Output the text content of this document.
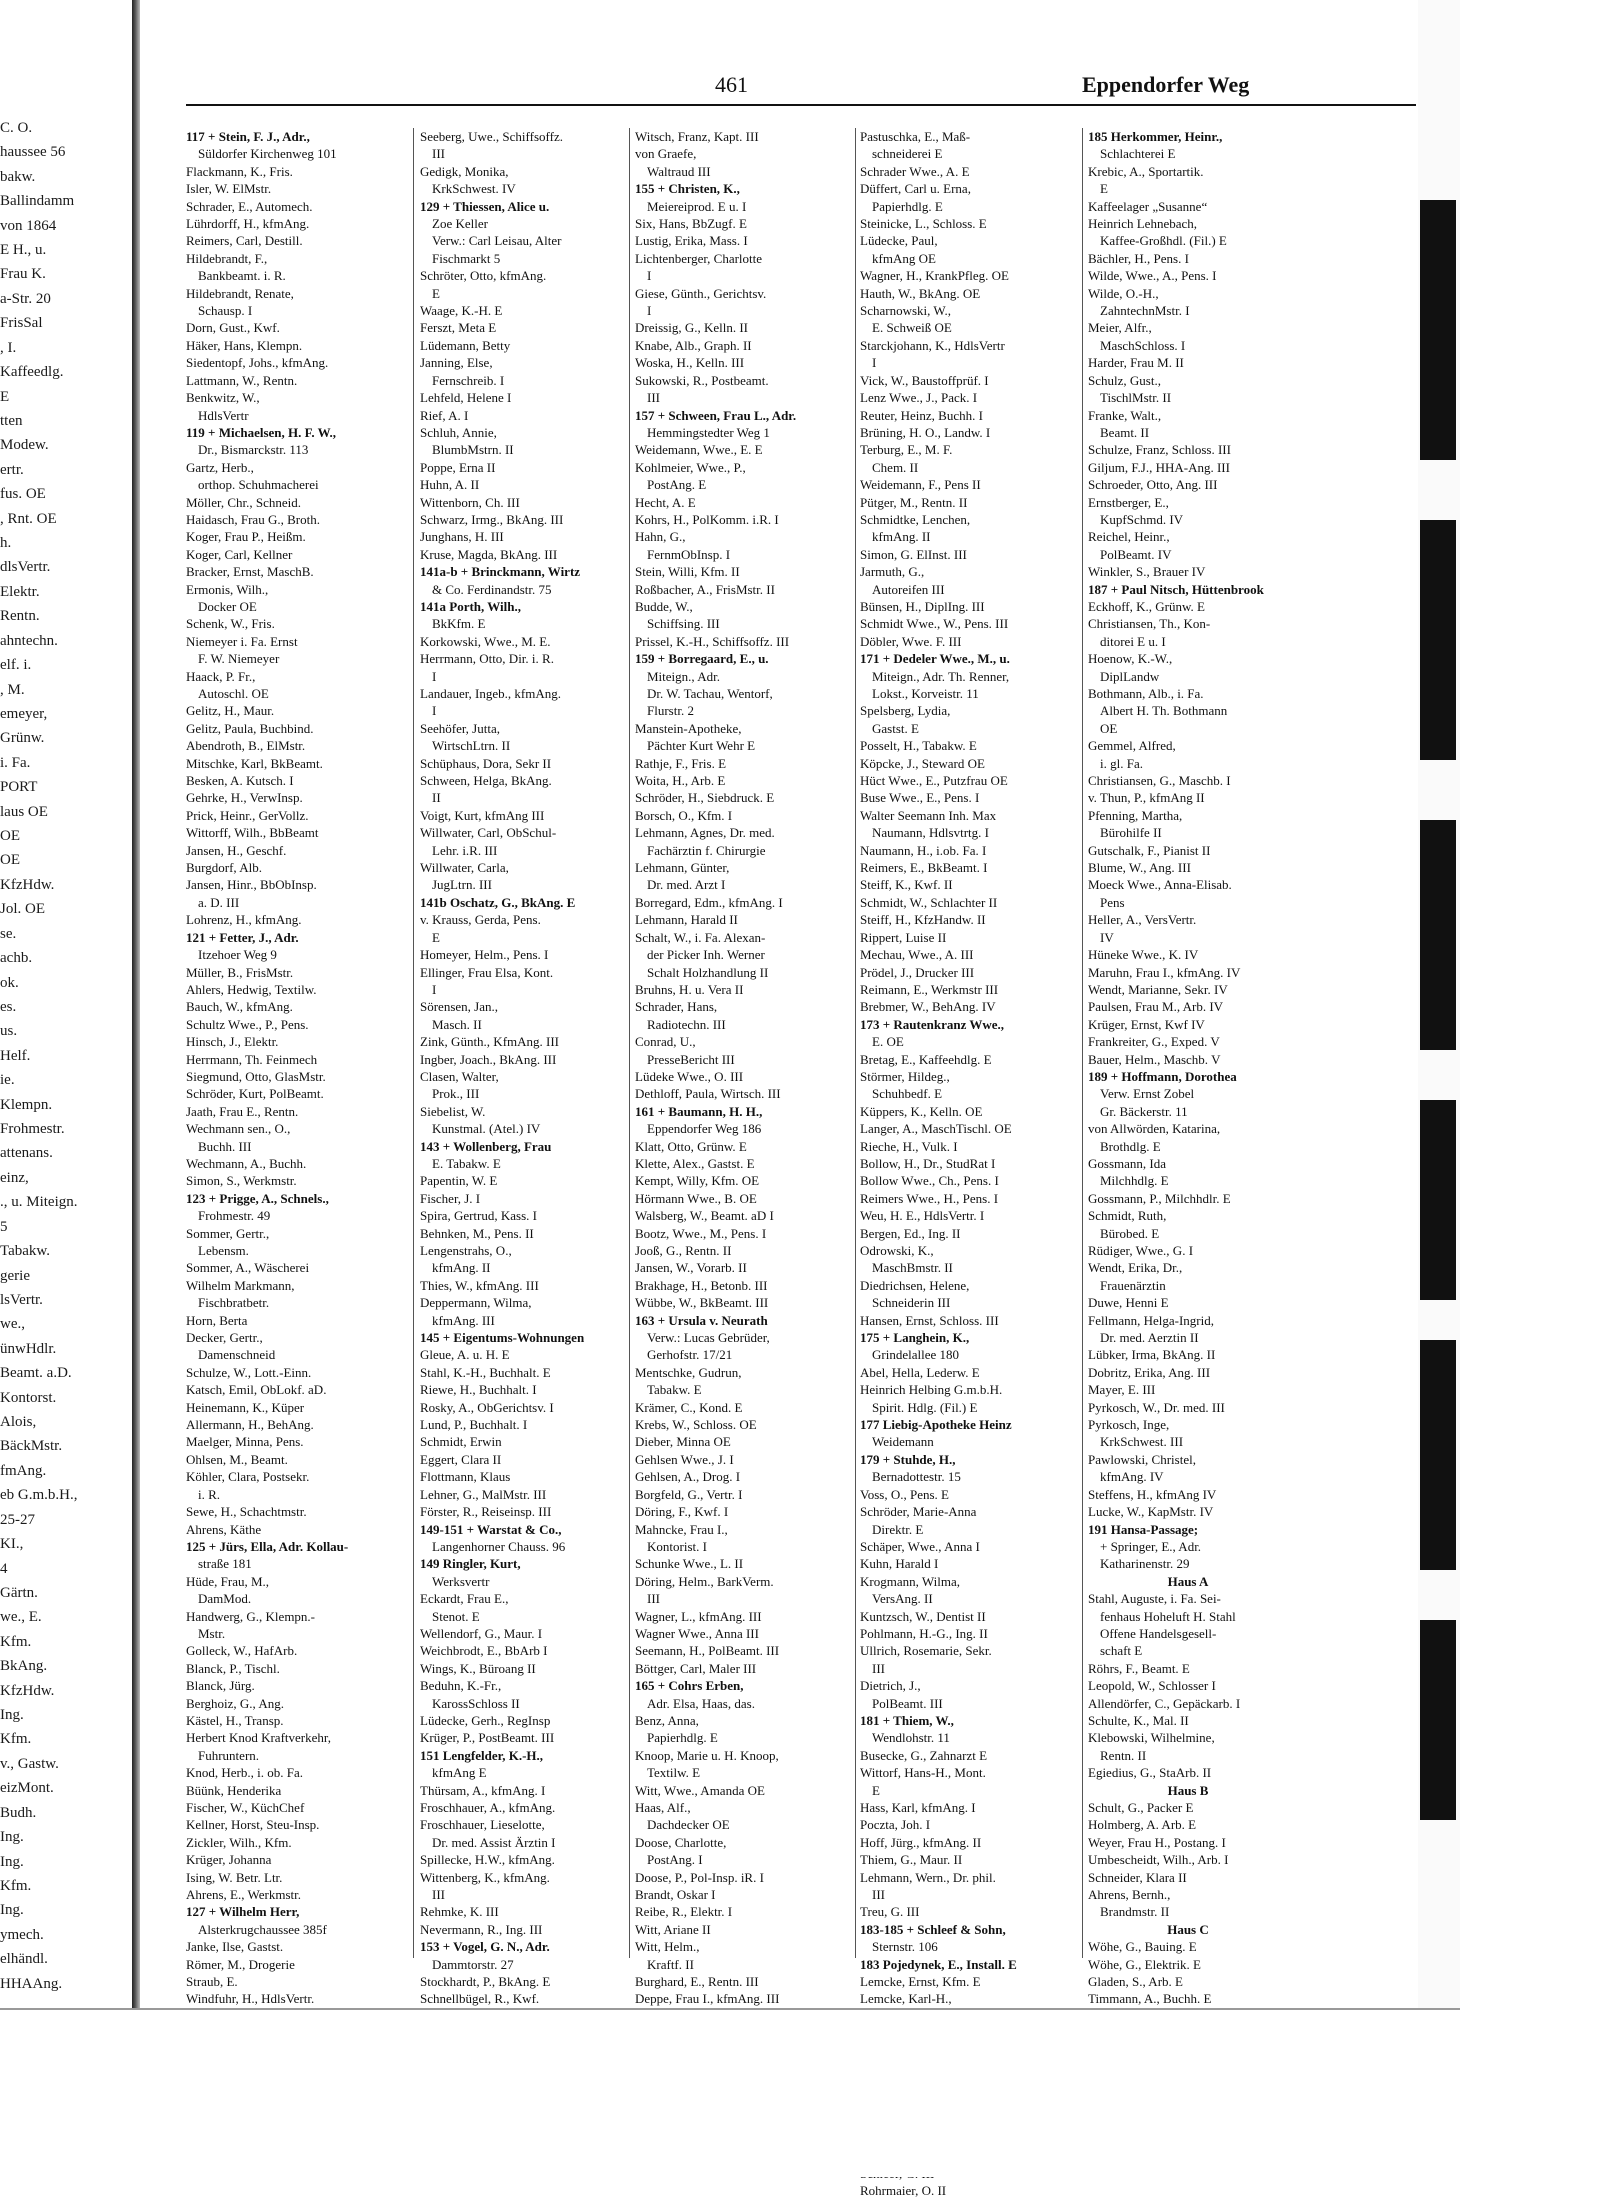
C. O.
haussee 56
bakw.
Ballindamm
von 1864
E H., u.
Frau K.
a-Str. 20
FrisSal
, I.
Kaffeedlg.
E
tten
Modew.
ertr.
fus. OE
, Rnt. OE
h.
dlsVertr.
Elektr.
Rentn.
ahntechn.
elf. i.
, M.
emeyer,
Grünw.
i. Fa.
PORT
laus OE
OE
OE
KfzHdw.
Jol. OE
se.
achb.
ok.
es.
us.
Helf.
ie.
Klempn.
Frohmestr.
attenans.
einz,
., u. Miteign.
5
Tabakw.
gerie
lsVertr.
we.,
ünwHdlr.
Beamt. a.D.
Kontorst.
Alois,
BäckMstr.
fmAng.
eb G.m.b.H.,
25-27
KI.,
4
Gärtn.
we., E.
Kfm.
BkAng.
KfzHdw.
Ing.
Kfm.
v., Gastw.
eizMont.
Budh.
Ing.
Ing.
Kfm.
Ing.
ymech.
elhändl.
HHAAng.
461	Eppendorfer Weg
117 + Stein, F. J., Adr.,
Süldorfer Kirchenweg 101
Flackmann, K., Fris.
Isler, W. ElMstr.
Schrader, E., Automech.
Lührdorff, H., kfmAng.
Reimers, Carl, Destill.
Hildebrandt, F.,
Bankbeamt. i. R.
Hildebrandt, Renate,
Schausp. I
Dorn, Gust., Kwf.
Häker, Hans, Klempn.
Siedentopf, Johs., kfmAng.
Lattmann, W., Rentn.
Benkwitz, W.,
HdlsVertr
119 + Michaelsen, H. F. W.,
Dr., Bismarckstr. 113
Gartz, Herb.,
orthop. Schuhmacherei
Möller, Chr., Schneid.
Haidasch, Frau G., Broth.
Koger, Frau P., Heißm.
Koger, Carl, Kellner
Bracker, Ernst, MaschB.
Ermonis, Wilh.,
Docker OE
Schenk, W., Fris.
Niemeyer i. Fa. Ernst
F. W. Niemeyer
Haack, P. Fr.,
Autoschl. OE
Gelitz, H., Maur.
Gelitz, Paula, Buchbind.
Abendroth, B., ElMstr.
Mitschke, Karl, BkBeamt.
Besken, A. Kutsch. I
Gehrke, H., VerwInsp.
Prick, Heinr., GerVollz.
Wittorff, Wilh., BbBeamt
Jansen, H., Geschf.
Burgdorf, Alb.
Jansen, Hinr., BbObInsp.
a. D. III
Lohrenz, H., kfmAng.
121 + Fetter, J., Adr.
Itzehoer Weg 9
Müller, B., FrisMstr.
Ahlers, Hedwig, Textilw.
Bauch, W., kfmAng.
Schultz Wwe., P., Pens.
Hinsch, J., Elektr.
Herrmann, Th. Feinmech
Siegmund, Otto, GlasMstr.
Schröder, Kurt, PolBeamt.
Jaath, Frau E., Rentn.
Wechmann sen., O.,
Buchh. III
Wechmann, A., Buchh.
Simon, S., Werkmstr.
123 + Prigge, A., Schnels.,
Frohmestr. 49
Sommer, Gertr.,
Lebensm.
Sommer, A., Wäscherei
Wilhelm Markmann,
Fischbratbetr.
Horn, Berta
Decker, Gertr.,
Damenschneid
Schulze, W., Lott.-Einn.
Katsch, Emil, ObLokf. aD.
Heinemann, K., Küper
Allermann, H., BehAng.
Maelger, Minna, Pens.
Ohlsen, M., Beamt.
Köhler, Clara, Postsekr.
i. R.
Sewe, H., Schachtmstr.
Ahrens, Käthe
125 + Jürs, Ella, Adr. Kollau-
straße 181
Hüde, Frau, M.,
DamMod.
Handwerg, G., Klempn.-
Mstr.
Golleck, W., HafArb.
Blanck, P., Tischl.
Blanck, Jürg.
Berghoiz, G., Ang.
Kästel, H., Transp.
Herbert Knod Kraftverkehr,
Fuhruntern.
Knod, Herb., i. ob. Fa.
Büünk, Henderika
Fischer, W., KüchChef
Kellner, Horst, Steu-Insp.
Zickler, Wilh., Kfm.
Krüger, Johanna
Ising, W. Betr. Ltr.
Ahrens, E., Werkmstr.
127 + Wilhelm Herr,
Alsterkrugchaussee 385f
Janke, Ilse, Gastst.
Römer, M., Drogerie
Straub, E.
Windfuhr, H., HdlsVertr.
Seeberg, Uwe., Schiffsoffz.
III
Gedigk, Monika,
KrkSchwest. IV
129 + Thiessen, Alice u.
Zoe Keller
Verw.: Carl Leisau, Alter
Fischmarkt 5
Schröter, Otto, kfmAng.
E
Waage, K.-H. E
Ferszt, Meta E
Lüdemann, Betty
Janning, Else,
Fernschreib. I
Lehfeld, Helene I
Rief, A. I
Schluh, Annie,
BlumbMstrn. II
Poppe, Erna II
Huhn, A. II
Wittenborn, Ch. III
Schwarz, Irmg., BkAng. III
Junghans, H. III
Kruse, Magda, BkAng. III
141a-b + Brinckmann, Wirtz
& Co. Ferdinandstr. 75
141a Porth, Wilh.,
BkKfm. E
Korkowski, Wwe., M. E.
Herrmann, Otto, Dir. i. R.
I
Landauer, Ingeb., kfmAng.
I
Seehöfer, Jutta,
WirtschLtrn. II
Schüphaus, Dora, Sekr II
Schween, Helga, BkAng.
II
Voigt, Kurt, kfmAng III
Willwater, Carl, ObSchul-
Lehr. i.R. III
Willwater, Carla,
JugLtrn. III
141b Oschatz, G., BkAng. E
v. Krauss, Gerda, Pens.
E
Homeyer, Helm., Pens. I
Ellinger, Frau Elsa, Kont.
I
Sörensen, Jan.,
Masch. II
Zink, Günth., KfmAng. III
Ingber, Joach., BkAng. III
Clasen, Walter,
Prok., III
Siebelist, W.
Kunstmal. (Atel.) IV
143 + Wollenberg, Frau
E. Tabakw. E
Papentin, W. E
Fischer, J. I
Spira, Gertrud, Kass. I
Behnken, M., Pens. II
Lengenstrahs, O.,
kfmAng. II
Thies, W., kfmAng. III
Deppermann, Wilma,
kfmAng. III
145 + Eigentums-Wohnungen
Gleue, A. u. H. E
Stahl, K.-H., Buchhalt. E
Riewe, H., Buchhalt. I
Rosky, A., ObGerichtsv. I
Lund, P., Buchhalt. I
Schmidt, Erwin
Eggert, Clara II
Flottmann, Klaus
Lehner, G., MalMstr. III
Förster, R., Reiseinsp. III
149-151 + Warstat & Co.,
Langenhorner Chauss. 96
149 Ringler, Kurt,
Werksvertr
Eckardt, Frau E.,
Stenot. E
Wellendorf, G., Maur. I
Weichbrodt, E., BbArb I
Wings, K., Büroang II
Beduhn, K.-Fr.,
KarossSchloss II
Lüdecke, Gerh., RegInsp
Krüger, P., PostBeamt. III
151 Lengfelder, K.-H.,
kfmAng E
Thürsam, A., kfmAng. I
Froschhauer, A., kfmAng.
Froschhauer, Lieselotte,
Dr. med. Assist Ärztin I
Spillecke, H.W., kfmAng.
Wittenberg, K., kfmAng.
III
Rehmke, K. III
Nevermann, R., Ing. III
153 + Vogel, G. N., Adr.
Dammtorstr. 27
Stockhardt, P., BkAng. E
Schnellbügel, R., Kwf.
Witsch, Franz, Kapt. III
von Graefe,
Waltraud III
155 + Christen, K.,
Meiereiprod. E u. I
Six, Hans, BbZugf. E
Lustig, Erika, Mass. I
Lichtenberger, Charlotte
I
Giese, Günth., Gerichtsv.
I
Dreissig, G., Kelln. II
Knabe, Alb., Graph. II
Woska, H., Kelln. III
Sukowski, R., Postbeamt.
III
157 + Schween, Frau L., Adr.
Hemmingstedter Weg 1
Weidemann, Wwe., E. E
Kohlmeier, Wwe., P.,
PostAng. E
Hecht, A. E
Kohrs, H., PolKomm. i.R. I
Hahn, G.,
FernmObInsp. I
Stein, Willi, Kfm. II
Roßbacher, A., FrisMstr. II
Budde, W.,
Schiffsing. III
Prissel, K.-H., Schiffsoffz. III
159 + Borregaard, E., u.
Miteign., Adr.
Dr. W. Tachau, Wentorf,
Flurstr. 2
Manstein-Apotheke,
Pächter Kurt Wehr E
Rathje, F., Fris. E
Woita, H., Arb. E
Schröder, H., Siebdruck. E
Borsch, O., Kfm. I
Lehmann, Agnes, Dr. med.
Fachärztin f. Chirurgie
Lehmann, Günter,
Dr. med. Arzt I
Borregard, Edm., kfmAng. I
Lehmann, Harald II
Schalt, W., i. Fa. Alexan-
der Picker Inh. Werner
Schalt Holzhandlung II
Bruhns, H. u. Vera II
Schrader, Hans,
Radiotechn. III
Conrad, U.,
PresseBericht III
Lüdeke Wwe., O. III
Dethloff, Paula, Wirtsch. III
161 + Baumann, H. H.,
Eppendorfer Weg 186
Klatt, Otto, Grünw. E
Klette, Alex., Gastst. E
Kempt, Willy, Kfm. OE
Hörmann Wwe., B. OE
Walsberg, W., Beamt. aD I
Bootz, Wwe., M., Pens. I
Jooß, G., Rentn. II
Jansen, W., Vorarb. II
Brakhage, H., Betonb. III
Wübbe, W., BkBeamt. III
163 + Ursula v. Neurath
Verw.: Lucas Gebrüder,
Gerhofstr. 17/21
Mentschke, Gudrun,
Tabakw. E
Krämer, C., Kond. E
Krebs, W., Schloss. OE
Dieber, Minna OE
Gehlsen Wwe., J. I
Gehlsen, A., Drog. I
Borgfeld, G., Vertr. I
Döring, F., Kwf. I
Mahncke, Frau I.,
Kontorist. I
Schunke Wwe., L. II
Döring, Helm., BarkVerm.
III
Wagner, L., kfmAng. III
Wagner Wwe., Anna III
Seemann, H., PolBeamt. III
Böttger, Carl, Maler III
165 + Cohrs Erben,
Adr. Elsa, Haas, das.
Benz, Anna,
Papierhdlg. E
Knoop, Marie u. H. Knoop,
Textilw. E
Witt, Wwe., Amanda OE
Haas, Alf.,
Dachdecker OE
Doose, Charlotte,
PostAng. I
Doose, P., Pol-Insp. iR. I
Brandt, Oskar I
Reibe, R., Elektr. I
Witt, Ariane II
Witt, Helm.,
Kraftf. II
Burghard, E., Rentn. III
Deppe, Frau I., kfmAng. III
Pastuschka, E., Maß-
schneiderei E
Schrader Wwe., A. E
Düffert, Carl u. Erna,
Papierhdlg. E
Steinicke, L., Schloss. E
Lüdecke, Paul,
kfmAng OE
Wagner, H., KrankPfleg. OE
Hauth, W., BkAng. OE
Scharnowski, W.,
E. Schweiß OE
Starckjohann, K., HdlsVertr
I
Vick, W., Baustoffprüf. I
Lenz Wwe., J., Pack. I
Reuter, Heinz, Buchh. I
Brüning, H. O., Landw. I
Terburg, E., M. F.
Chem. II
Weidemann, F., Pens II
Pütger, M., Rentn. II
Schmidtke, Lenchen,
kfmAng. II
Simon, G. ElInst. III
Jarmuth, G.,
Autoreifen III
Bünsen, H., DiplIng. III
Schmidt Wwe., W., Pens. III
Döbler, Wwe. F. III
171 + Dedeler Wwe., M., u.
Miteign., Adr. Th. Renner,
Lokst., Korveistr. 11
Spelsberg, Lydia,
Gastst. E
Posselt, H., Tabakw. E
Köpcke, J., Steward OE
Hüct Wwe., E., Putzfrau OE
Buse Wwe., E., Pens. I
Walter Seemann Inh. Max
Naumann, Hdlsvtrtg. I
Naumann, H., i.ob. Fa. I
Reimers, E., BkBeamt. I
Steiff, K., Kwf. II
Schmidt, W., Schlachter II
Steiff, H., KfzHandw. II
Rippert, Luise II
Mechau, Wwe., A. III
Prödel, J., Drucker III
Reimann, E., Werkmstr III
Brebmer, W., BehAng. IV
173 + Rautenkranz Wwe.,
E. OE
Bretag, E., Kaffeehdlg. E
Störmer, Hildeg.,
Schuhbedf. E
Küppers, K., Kelln. OE
Langer, A., MaschTischl. OE
Rieche, H., Vulk. I
Bollow, H., Dr., StudRat I
Bollow Wwe., Ch., Pens. I
Reimers Wwe., H., Pens. I
Weu, H. E., HdlsVertr. I
Bergen, Ed., Ing. II
Odrowski, K.,
MaschBmstr. II
Diedrichsen, Helene,
Schneiderin III
Hansen, Ernst, Schloss. III
175 + Langhein, K.,
Grindelallee 180
Abel, Hella, Lederw. E
Heinrich Helbing G.m.b.H.
Spirit. Hdlg. (Fil.) E
177 Liebig-Apotheke Heinz
Weidemann
179 + Stuhde, H.,
Bernadottestr. 15
Voss, O., Pens. E
Schröder, Marie-Anna
Direktr. E
Schäper, Wwe., Anna I
Kuhn, Harald I
Krogmann, Wilma,
VersAng. II
Kuntzsch, W., Dentist II
Pohlmann, H.-G., Ing. II
Ullrich, Rosemarie, Sekr.
III
Dietrich, J.,
PolBeamt. III
181 + Thiem, W.,
Wendlohstr. 11
Busecke, G., Zahnarzt E
Wittorf, Hans-H., Mont.
E
Hass, Karl, kfmAng. I
Poczta, Joh. I
Hoff, Jürg., kfmAng. II
Thiem, G., Maur. II
Lehmann, Wern., Dr. phil.
III
Treu, G. III
183-185 + Schleef & Sohn,
Sternstr. 106
183 Pojedynek, E., Install. E
Lemcke, Ernst, Kfm. E
Lemcke, Karl-H.,
Rohrmaier, O. II
185 Herkommer, Heinr.,
Schlachterei E
Krebic, A., Sportartik.
E
Kaffeelager „Susanne“
Heinrich Lehnebach,
Kaffee-Großhdl. (Fil.) E
Bächler, H., Pens. I
Wilde, Wwe., A., Pens. I
Wilde, O.-H.,
ZahntechnMstr. I
Meier, Alfr.,
MaschSchloss. I
Harder, Frau M. II
Schulz, Gust.,
TischlMstr. II
Franke, Walt.,
Beamt. II
Schulze, Franz, Schloss. III
Giljum, F.J., HHA-Ang. III
Schroeder, Otto, Ang. III
Ernstberger, E.,
KupfSchmd. IV
Reichel, Heinr.,
PolBeamt. IV
Winkler, S., Brauer IV
187 + Paul Nitsch, Hüttenbrook
Eckhoff, K., Grünw. E
Christiansen, Th., Kon-
ditorei E u. I
Hoenow, K.-W.,
DiplLandw
Bothmann, Alb., i. Fa.
Albert H. Th. Bothmann
OE
Gemmel, Alfred,
i. gl. Fa.
Christiansen, G., Maschb. I
v. Thun, P., kfmAng II
Pfenning, Martha,
Bürohilfe II
Gutschalk, F., Pianist II
Blume, W., Ang. III
Moeck Wwe., Anna-Elisab.
Pens
Heller, A., VersVertr.
IV
Hüneke Wwe., K. IV
Maruhn, Frau I., kfmAng. IV
Wendt, Marianne, Sekr. IV
Paulsen, Frau M., Arb. IV
Krüger, Ernst, Kwf IV
Frankreiter, G., Exped. V
Bauer, Helm., Maschb. V
189 + Hoffmann, Dorothea
Verw. Ernst Zobel
Gr. Bäckerstr. 11
von Allwörden, Katarina,
Brothdlg. E
Gossmann, Ida
Milchhdlg. E
Gossmann, P., Milchhdlr. E
Schmidt, Ruth,
Bürobed. E
Rüdiger, Wwe., G. I
Wendt, Erika, Dr.,
Frauenärztin
Duwe, Henni E
Fellmann, Helga-Ingrid,
Dr. med. Aerztin II
Lübker, Irma, BkAng. II
Dobritz, Erika, Ang. III
Mayer, E. III
Pyrkosch, W., Dr. med. III
Pyrkosch, Inge,
KrkSchwest. III
Pawlowski, Christel,
kfmAng. IV
Steffens, H., kfmAng IV
Lucke, W., KapMstr. IV
191 Hansa-Passage;
+ Springer, E., Adr.
Katharinenstr. 29
Haus A
Stahl, Auguste, i. Fa. Sei-
fenhaus Hoheluft H. Stahl
Offene Handelsgesell-
schaft E
Röhrs, F., Beamt. E
Leopold, W., Schlosser I
Allendörfer, C., Gepäckarb. I
Schulte, K., Mal. II
Klebowski, Wilhelmine,
Rentn. II
Egiedius, G., StaArb. II
Haus B
Schult, G., Packer E
Holmberg, A. Arb. E
Weyer, Frau H., Postang. I
Umbescheidt, Wilh., Arb. I
Schneider, Klara II
Ahrens, Bernh.,
Brandmstr. II
Haus C
Wöhe, G., Bauing. E
Wöhe, G., Elektrik. E
Gladen, S., Arb. E
Timmann, A., Buchh. E
